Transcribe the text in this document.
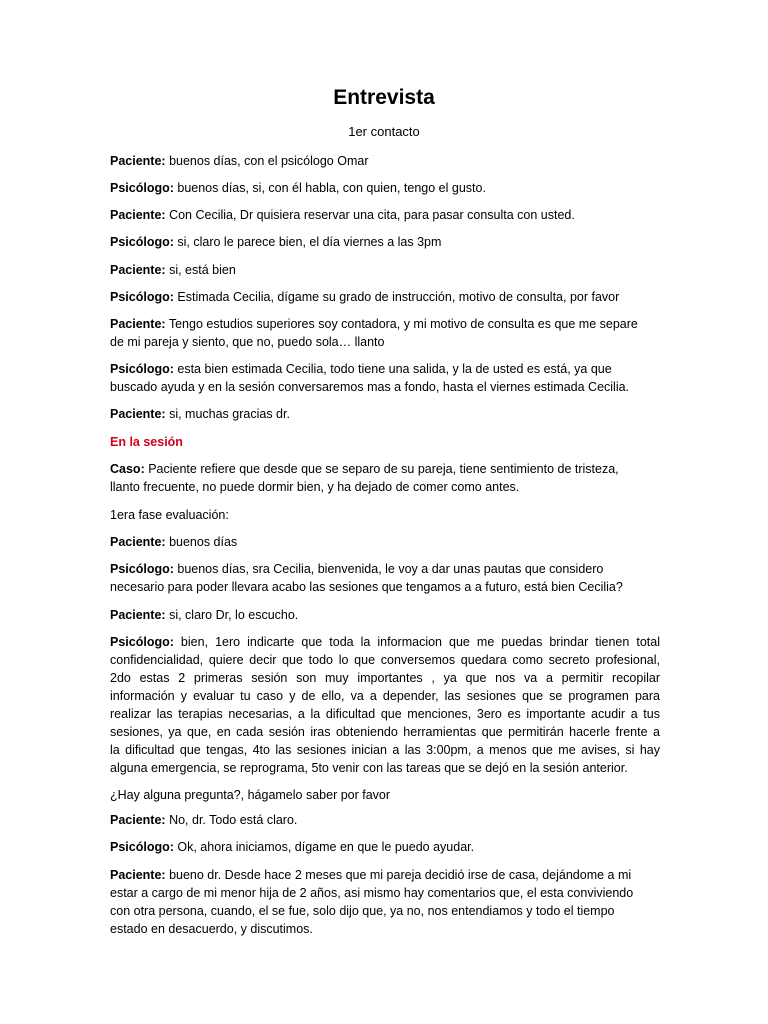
Entrevista
1er contacto
Paciente: buenos días, con el psicólogo Omar
Psicólogo: buenos días, si, con él habla, con quien, tengo el gusto.
Paciente: Con Cecilia, Dr quisiera reservar una cita, para pasar consulta con usted.
Psicólogo: si, claro le parece bien, el día viernes a las 3pm
Paciente: si, está bien
Psicólogo: Estimada Cecilia, dígame su grado de instrucción, motivo de consulta, por favor
Paciente: Tengo estudios superiores soy contadora, y mi motivo de consulta es que me separe
de mi pareja y siento, que no, puedo sola… llanto
Psicólogo: esta bien estimada Cecilia, todo tiene una salida, y la de usted es está, ya que
buscado ayuda y en la sesión conversaremos mas a fondo, hasta el viernes estimada Cecilia.
Paciente: si, muchas gracias dr.
En la sesión
Caso: Paciente refiere que desde que se separo de su pareja, tiene sentimiento de tristeza,
llanto frecuente, no puede dormir bien, y ha dejado de comer como antes.
1era fase evaluación:
Paciente: buenos días
Psicólogo: buenos días, sra Cecilia, bienvenida, le voy a dar unas pautas que considero
necesario para poder llevara acabo las sesiones que tengamos a a futuro, está bien Cecilia?
Paciente: si, claro Dr, lo escucho.
Psicólogo: bien, 1ero indicarte que toda la informacion que me puedas brindar tienen total
confidencialidad, quiere decir que todo lo que conversemos quedara como secreto profesional,
2do estas 2 primeras sesión son muy importantes , ya que nos va a permitir recopilar
información y evaluar tu caso y de ello, va a depender, las sesiones que se programen para
realizar las terapias necesarias, a la dificultad que menciones, 3ero es importante acudir a tus
sesiones, ya que, en cada sesión iras obteniendo herramientas que permitirán hacerle frente a
la dificultad que tengas, 4to las sesiones inician a las 3:00pm, a menos que me avises, si hay
alguna emergencia, se reprograma, 5to venir con las tareas que se dejó en la sesión anterior.
¿Hay alguna pregunta?, hágamelo saber por favor
Paciente: No, dr. Todo está claro.
Psicólogo: Ok, ahora iniciamos, dígame en que le puedo ayudar.
Paciente: bueno dr. Desde hace 2 meses que mi pareja decidió irse de casa, dejándome a mi
estar a cargo de mi menor hija de 2 años, asi mismo hay comentarios que, el esta conviviendo
con otra persona, cuando, el se fue, solo dijo que, ya no, nos entendiamos y todo el tiempo
estado en desacuerdo, y discutimos.
